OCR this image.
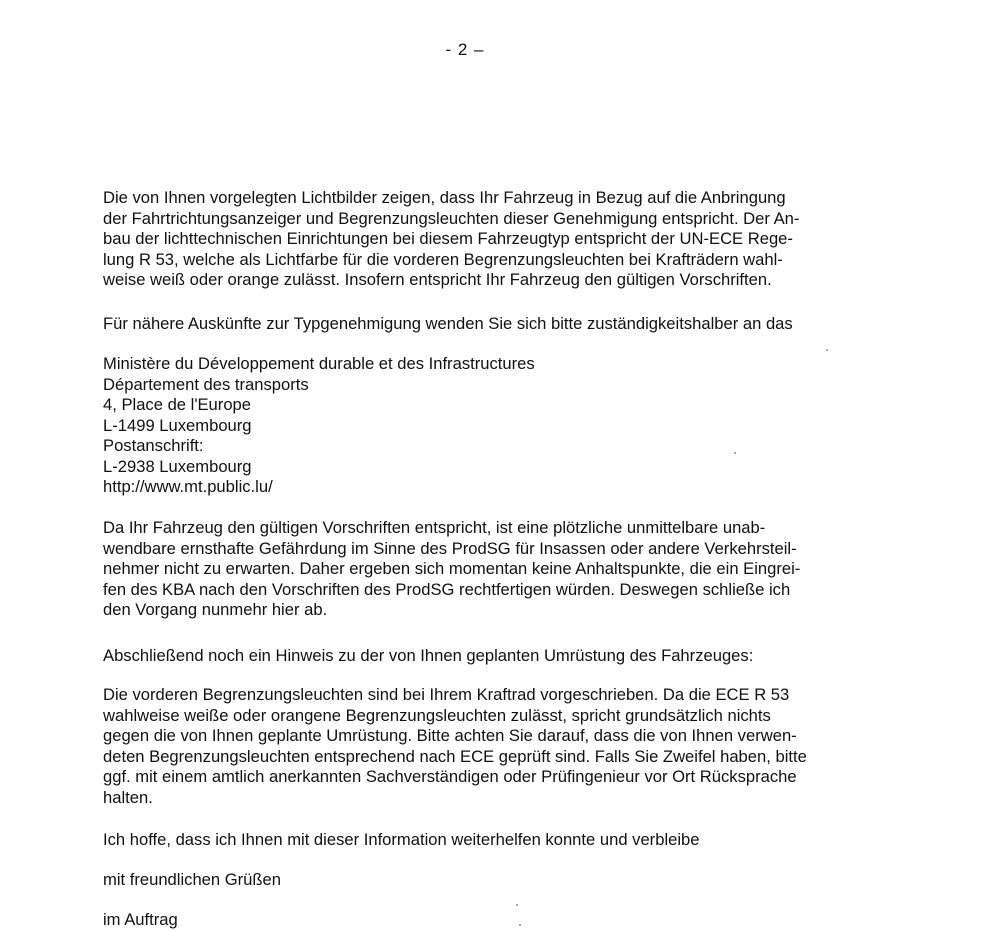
- 2 –
Die von Ihnen vorgelegten Lichtbilder zeigen, dass Ihr Fahrzeug in Bezug auf die Anbringung
der Fahrtrichtungsanzeiger und Begrenzungsleuchten dieser Genehmigung entspricht. Der An-
bau der lichttechnischen Einrichtungen bei diesem Fahrzeugtyp entspricht der UN-ECE Rege-
lung R 53, welche als Lichtfarbe für die vorderen Begrenzungsleuchten bei Krafträdern wahl-
weise weiß oder orange zulässt. Insofern entspricht Ihr Fahrzeug den gültigen Vorschriften.
Für nähere Auskünfte zur Typgenehmigung wenden Sie sich bitte zuständigkeitshalber an das
Ministère du Développement durable et des Infrastructures
Département des transports
4, Place de l'Europe
L-1499 Luxembourg
Postanschrift:
L-2938 Luxembourg
http://www.mt.public.lu/
Da Ihr Fahrzeug den gültigen Vorschriften entspricht, ist eine plötzliche unmittelbare unab-
wendbare ernsthafte Gefährdung im Sinne des ProdSG für Insassen oder andere Verkehrsteil-
nehmer nicht zu erwarten. Daher ergeben sich momentan keine Anhaltspunkte, die ein Eingrei-
fen des KBA nach den Vorschriften des ProdSG rechtfertigen würden. Deswegen schließe ich
den Vorgang nunmehr hier ab.
Abschließend noch ein Hinweis zu der von Ihnen geplanten Umrüstung des Fahrzeuges:
Die vorderen Begrenzungsleuchten sind bei Ihrem Kraftrad vorgeschrieben. Da die ECE R 53
wahlweise weiße oder orangene Begrenzungsleuchten zulässt, spricht grundsätzlich nichts
gegen die von Ihnen geplante Umrüstung. Bitte achten Sie darauf, dass die von Ihnen verwen-
deten Begrenzungsleuchten entsprechend nach ECE geprüft sind. Falls Sie Zweifel haben, bitte
ggf. mit einem amtlich anerkannten Sachverständigen oder Prüfingenieur vor Ort Rücksprache
halten.
Ich hoffe, dass ich Ihnen mit dieser Information weiterhelfen konnte und verbleibe
mit freundlichen Grüßen
im Auftrag
